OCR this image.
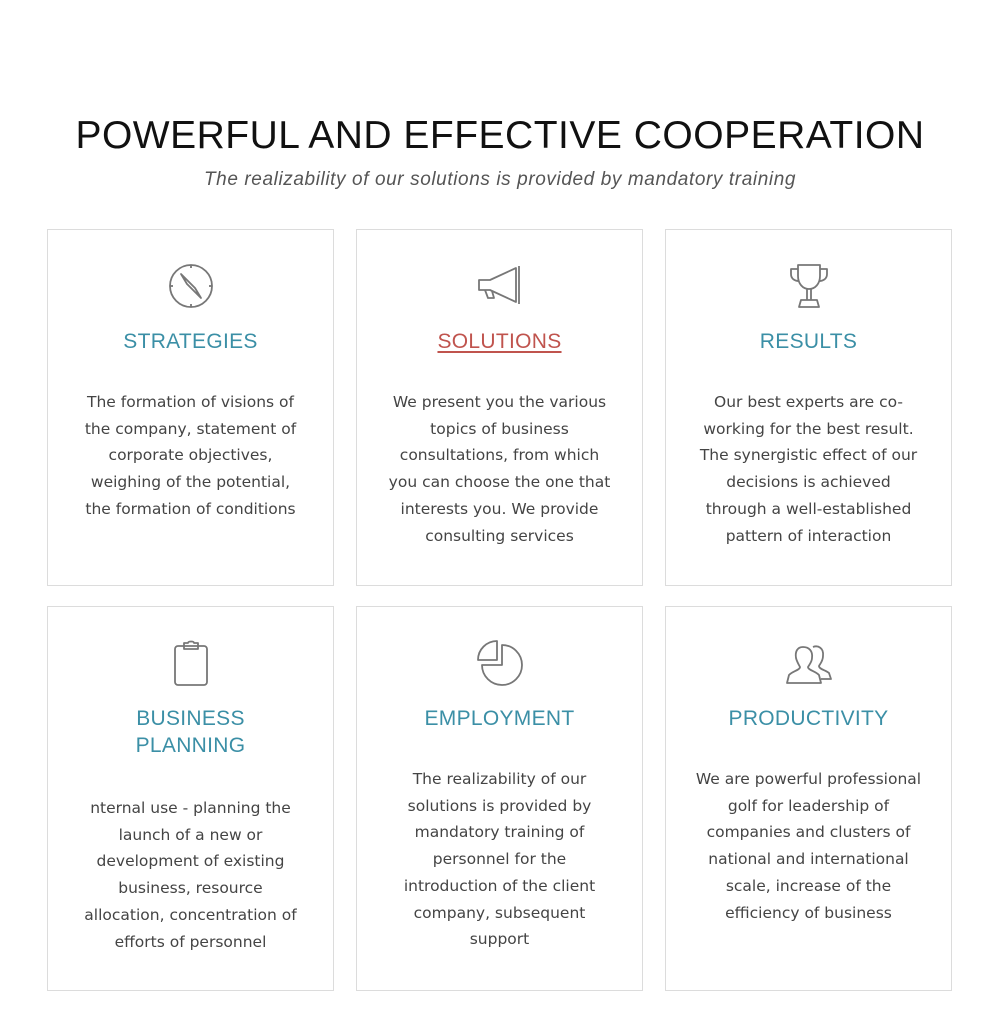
POWERFUL AND EFFECTIVE COOPERATION

The realizability of our solutions is provided by mandatory training

STRATEGIES

The formation of visions of the company, statement of corporate objectives, weighing of the potential, the formation of conditions

SOLUTIONS

We present you the various topics of business consultations, from which you can choose the one that interests you. We provide consulting services

RESULTS

Our best experts are co-working for the best result. The synergistic effect of our decisions is achieved through a well-established pattern of interaction

BUSINESS PLANNING

nternal use - planning the launch of a new or development of existing business, resource allocation, concentration of efforts of personnel

EMPLOYMENT

The realizability of our solutions is provided by mandatory training of personnel for the introduction of the client company, subsequent support

PRODUCTIVITY

We are powerful professional golf for leadership of companies and clusters of national and international scale, increase of the efficiency of business
